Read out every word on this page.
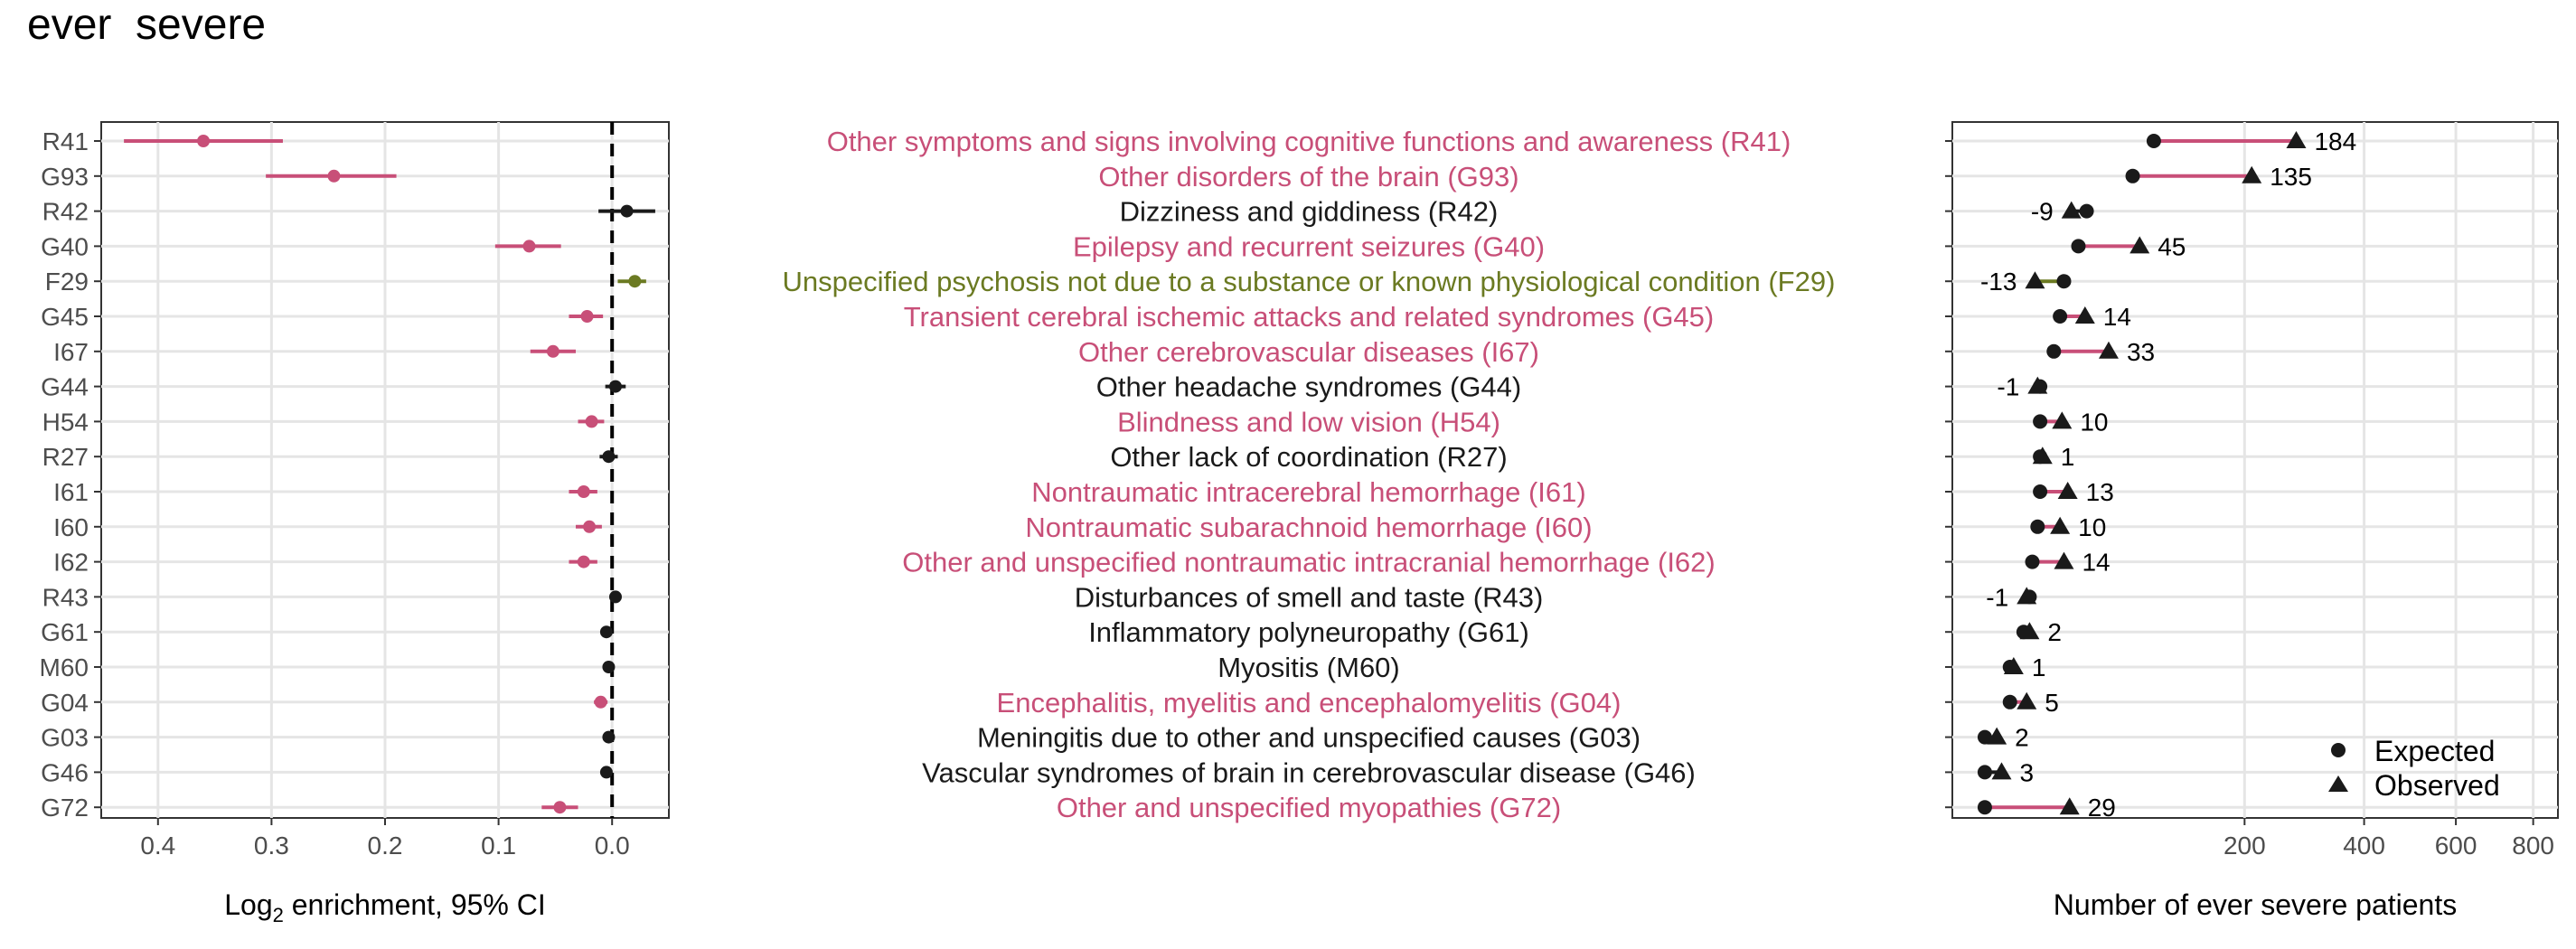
ever  severe
R41
G93
R42
G40
F29
G45
I67
G44
H54
R27
I61
I60
I62
R43
G61
M60
G04
G03
G46
G72
0.4	0.3	0.2	0.1	0.0
Log$_2$ enrichment, 95% CI
Other symptoms and signs involving cognitive functions and awareness (R41)
Other disorders of the brain (G93)
Dizziness and giddiness (R42)
Epilepsy and recurrent seizures (G40)
Unspecified psychosis not due to a substance or known physiological condition (F29)
Transient cerebral ischemic attacks and related syndromes (G45)
Other cerebrovascular diseases (I67)
Other headache syndromes (G44)
Blindness and low vision (H54)
Other lack of coordination (R27)
Nontraumatic intracerebral hemorrhage (I61)
Nontraumatic subarachnoid hemorrhage (I60)
Other and unspecified nontraumatic intracranial hemorrhage (I62)
Disturbances of smell and taste (R43)
Inflammatory polyneuropathy (G61)
Myositis (M60)
Encephalitis, myelitis and encephalomyelitis (G04)
Meningitis due to other and unspecified causes (G03)
Vascular syndromes of brain in cerebrovascular disease (G46)
Other and unspecified myopathies (G72)
184
135
-9
45
-13
14
33
-1
10
1
13
10
14
-1
2
1
5
2
3
29
200	400 600 800
Number of ever severe patients
Expected
Observed
